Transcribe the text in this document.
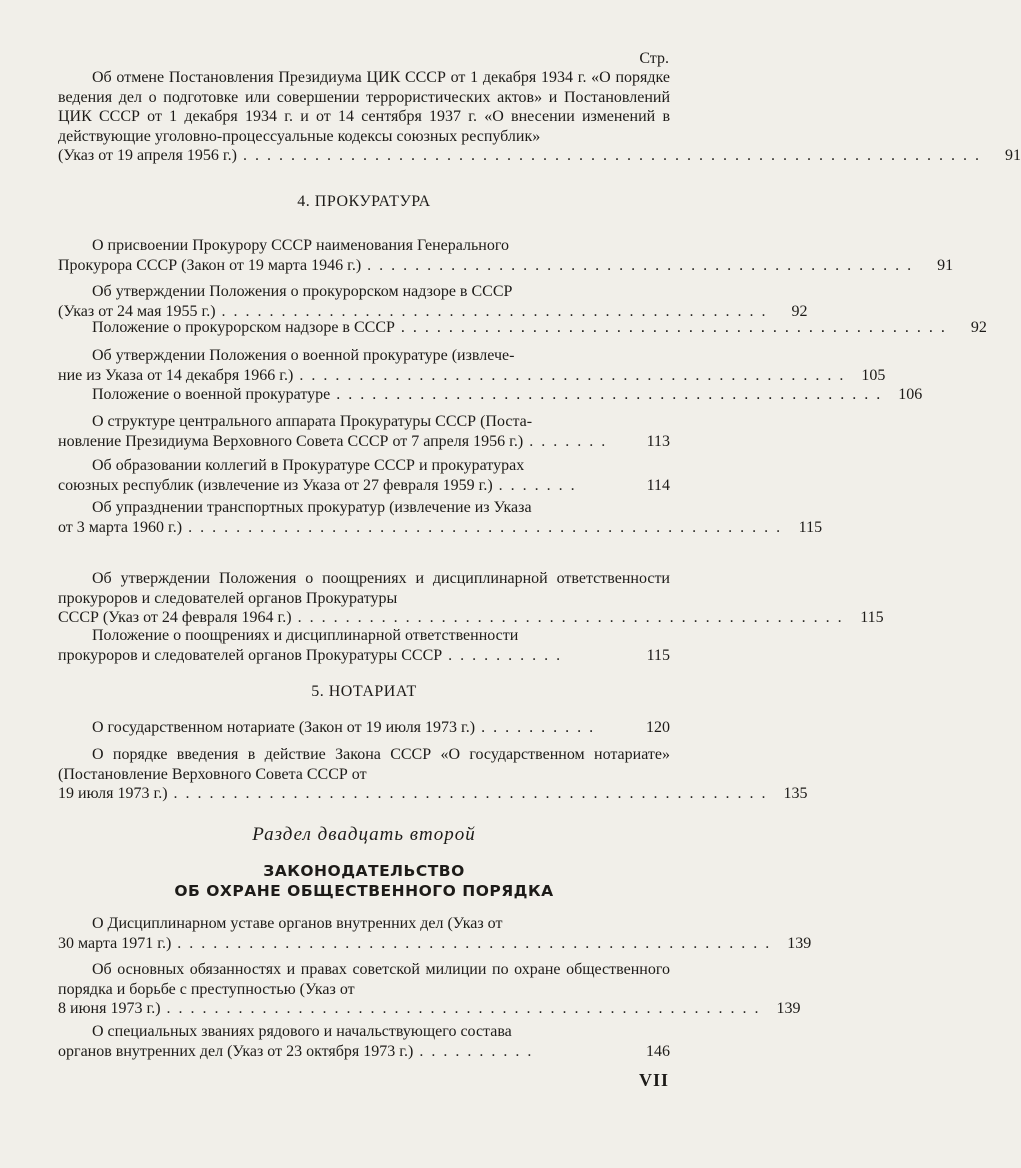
Стр.
Об отмене Постановления Президиума ЦИК СССР от 1 декабря 1934 г. «О порядке ведения дел о подготовке или совершении террористических актов» и Постановлений ЦИК СССР от 1 декабря 1934 г. и от 14 сентября 1937 г. «О внесении изменений в действующие уголовно-процессуальные кодексы союзных республик»
(Указ от 19 апреля 1956 г.) ..............................................................	91
4. ПРОКУРАТУРА
О присвоении Прокурору СССР наименования Генерального
Прокурора СССР (Закон от 19 марта 1946 г.) ..............................................	91
Об утверждении Положения о прокурорском надзоре в СССР
(Указ от 24 мая 1955 г.) ..............................................	92
Положение о прокурорском надзоре в СССР ..............................................	92
Об утверждении Положения о военной прокуратуре (извлече-
ние из Указа от 14 декабря 1966 г.) .............................................. 105
Положение о военной прокуратуре .............................................. 106
О структуре центрального аппарата Прокуратуры СССР (Поста-
новление Президиума Верховного Совета СССР от 7 апреля 1956 г.) .......	113
Об образовании коллегий в Прокуратуре СССР и прокуратурах
союзных республик (извлечение из Указа от 27 февраля 1959 г.) .......	114
Об упразднении транспортных прокуратур (извлечение из Указа
от 3 марта 1960 г.) .................................................. 115
Об утверждении Положения о поощрениях и дисциплинарной ответственности прокуроров и следователей органов Прокуратуры
СССР (Указ от 24 февраля 1964 г.) .............................................. 115
Положение о поощрениях и дисциплинарной ответственности
прокуроров и следователей органов Прокуратуры СССР ..........	115
5. НОТАРИАТ
О государственном нотариате (Закон от 19 июля 1973 г.) ..........	120
О порядке введения в действие Закона СССР «О государственном нотариате» (Постановление Верховного Совета СССР от
19 июля 1973 г.) .................................................. 135
Раздел двадцать второй
ЗАКОНОДАТЕЛЬСТВО
ОБ ОХРАНЕ ОБЩЕСТВЕННОГО ПОРЯДКА
О Дисциплинарном уставе органов внутренних дел (Указ от
30 марта 1971 г.) .................................................. 139
Об основных обязанностях и правах советской милиции по охране общественного порядка и борьбе с преступностью (Указ от
8 июня 1973 г.) .................................................. 139
О специальных званиях рядового и начальствующего состава
органов внутренних дел (Указ от 23 октября 1973 г.) ..........	146
VII
